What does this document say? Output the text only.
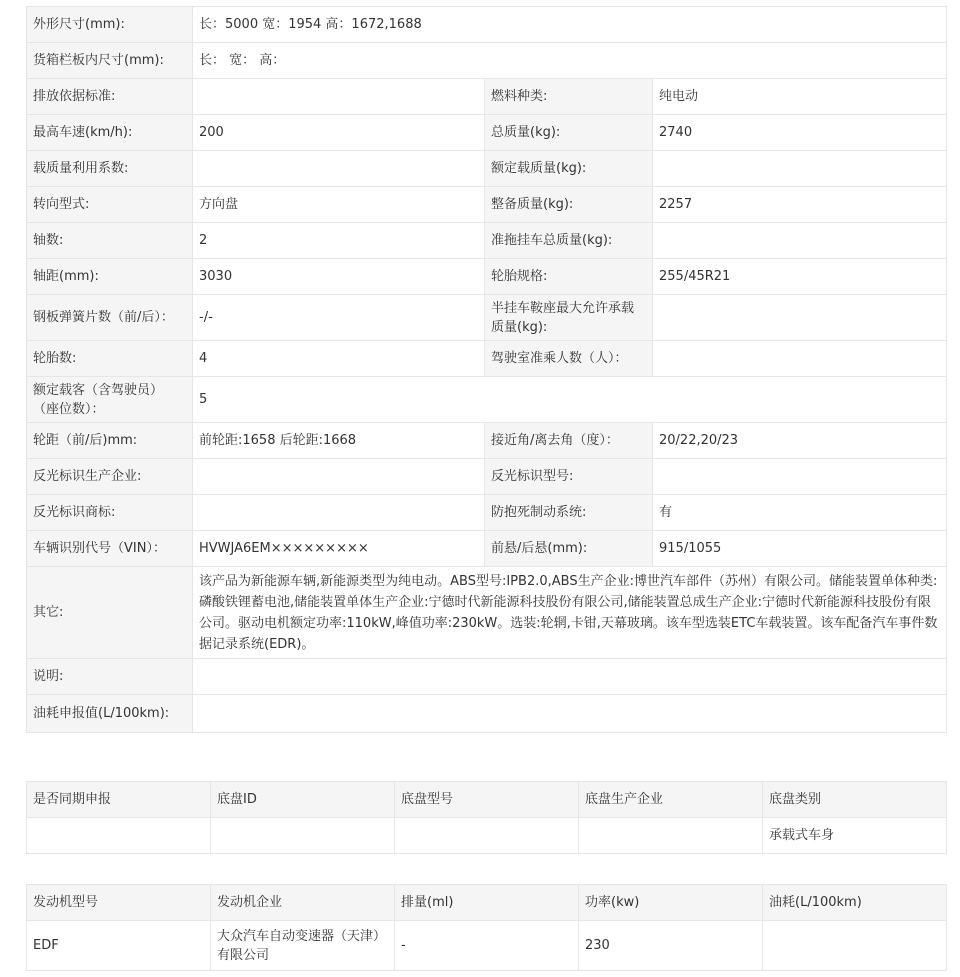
外形尺寸(mm):	长：5000 宽：1954 高：1672,1688		
货箱栏板内尺寸(mm):	长： 宽： 高：		
排放依据标准:		燃料种类:	纯电动
最高车速(km/h):	200	总质量(kg):	2740
载质量利用系数:		额定载质量(kg):	
转向型式:	方向盘	整备质量(kg):	2257
轴数:	2	准拖挂车总质量(kg):	
轴距(mm):	3030	轮胎规格:	255/45R21
钢板弹簧片数（前/后）：	-/-	半挂车鞍座最大允许承载
质量(kg):	

轮胎数:	4	驾驶室准乘人数（人）：	

额定载客（含驾驶员）
（座位数）：	5		
轮距（前/后)mm:	前轮距:1658 后轮距:1668	接近角/离去角（度）：	20/22,20/23
反光标识生产企业:		反光标识型号:	
反光标识商标:		防抱死制动系统:	有
车辆识别代号（VIN）：	HVWJA6EM×××××××××	前悬/后悬(mm):	915/1055
其它:	该产品为新能源车辆,新能源类型为纯电动。ABS型号:IPB2.0,ABS生产企业:博世汽车部件（苏州）有限公司。储能装置单体种类:磷酸铁锂蓄电池,储能装置单体生产企业:宁德时代新能源科技股份有限公司,储能装置总成生产企业:宁德时代新能源科技股份有限公司。驱动电机额定功率:110kW,峰值功率:230kW。选装:轮辋,卡钳,天幕玻璃。该车型选装ETC车载装置。该车配备汽车事件数据记录系统(EDR)。		
说明:			
油耗申报值(L/100km):			
是否同期申报	底盘ID	底盘型号	底盘生产企业	底盘类别
				承载式车身
发动机型号	发动机企业	排量(ml)	功率(kw)	油耗(L/100km)
EDF	大众汽车自动变速器（天津）有限公司	-	230	
